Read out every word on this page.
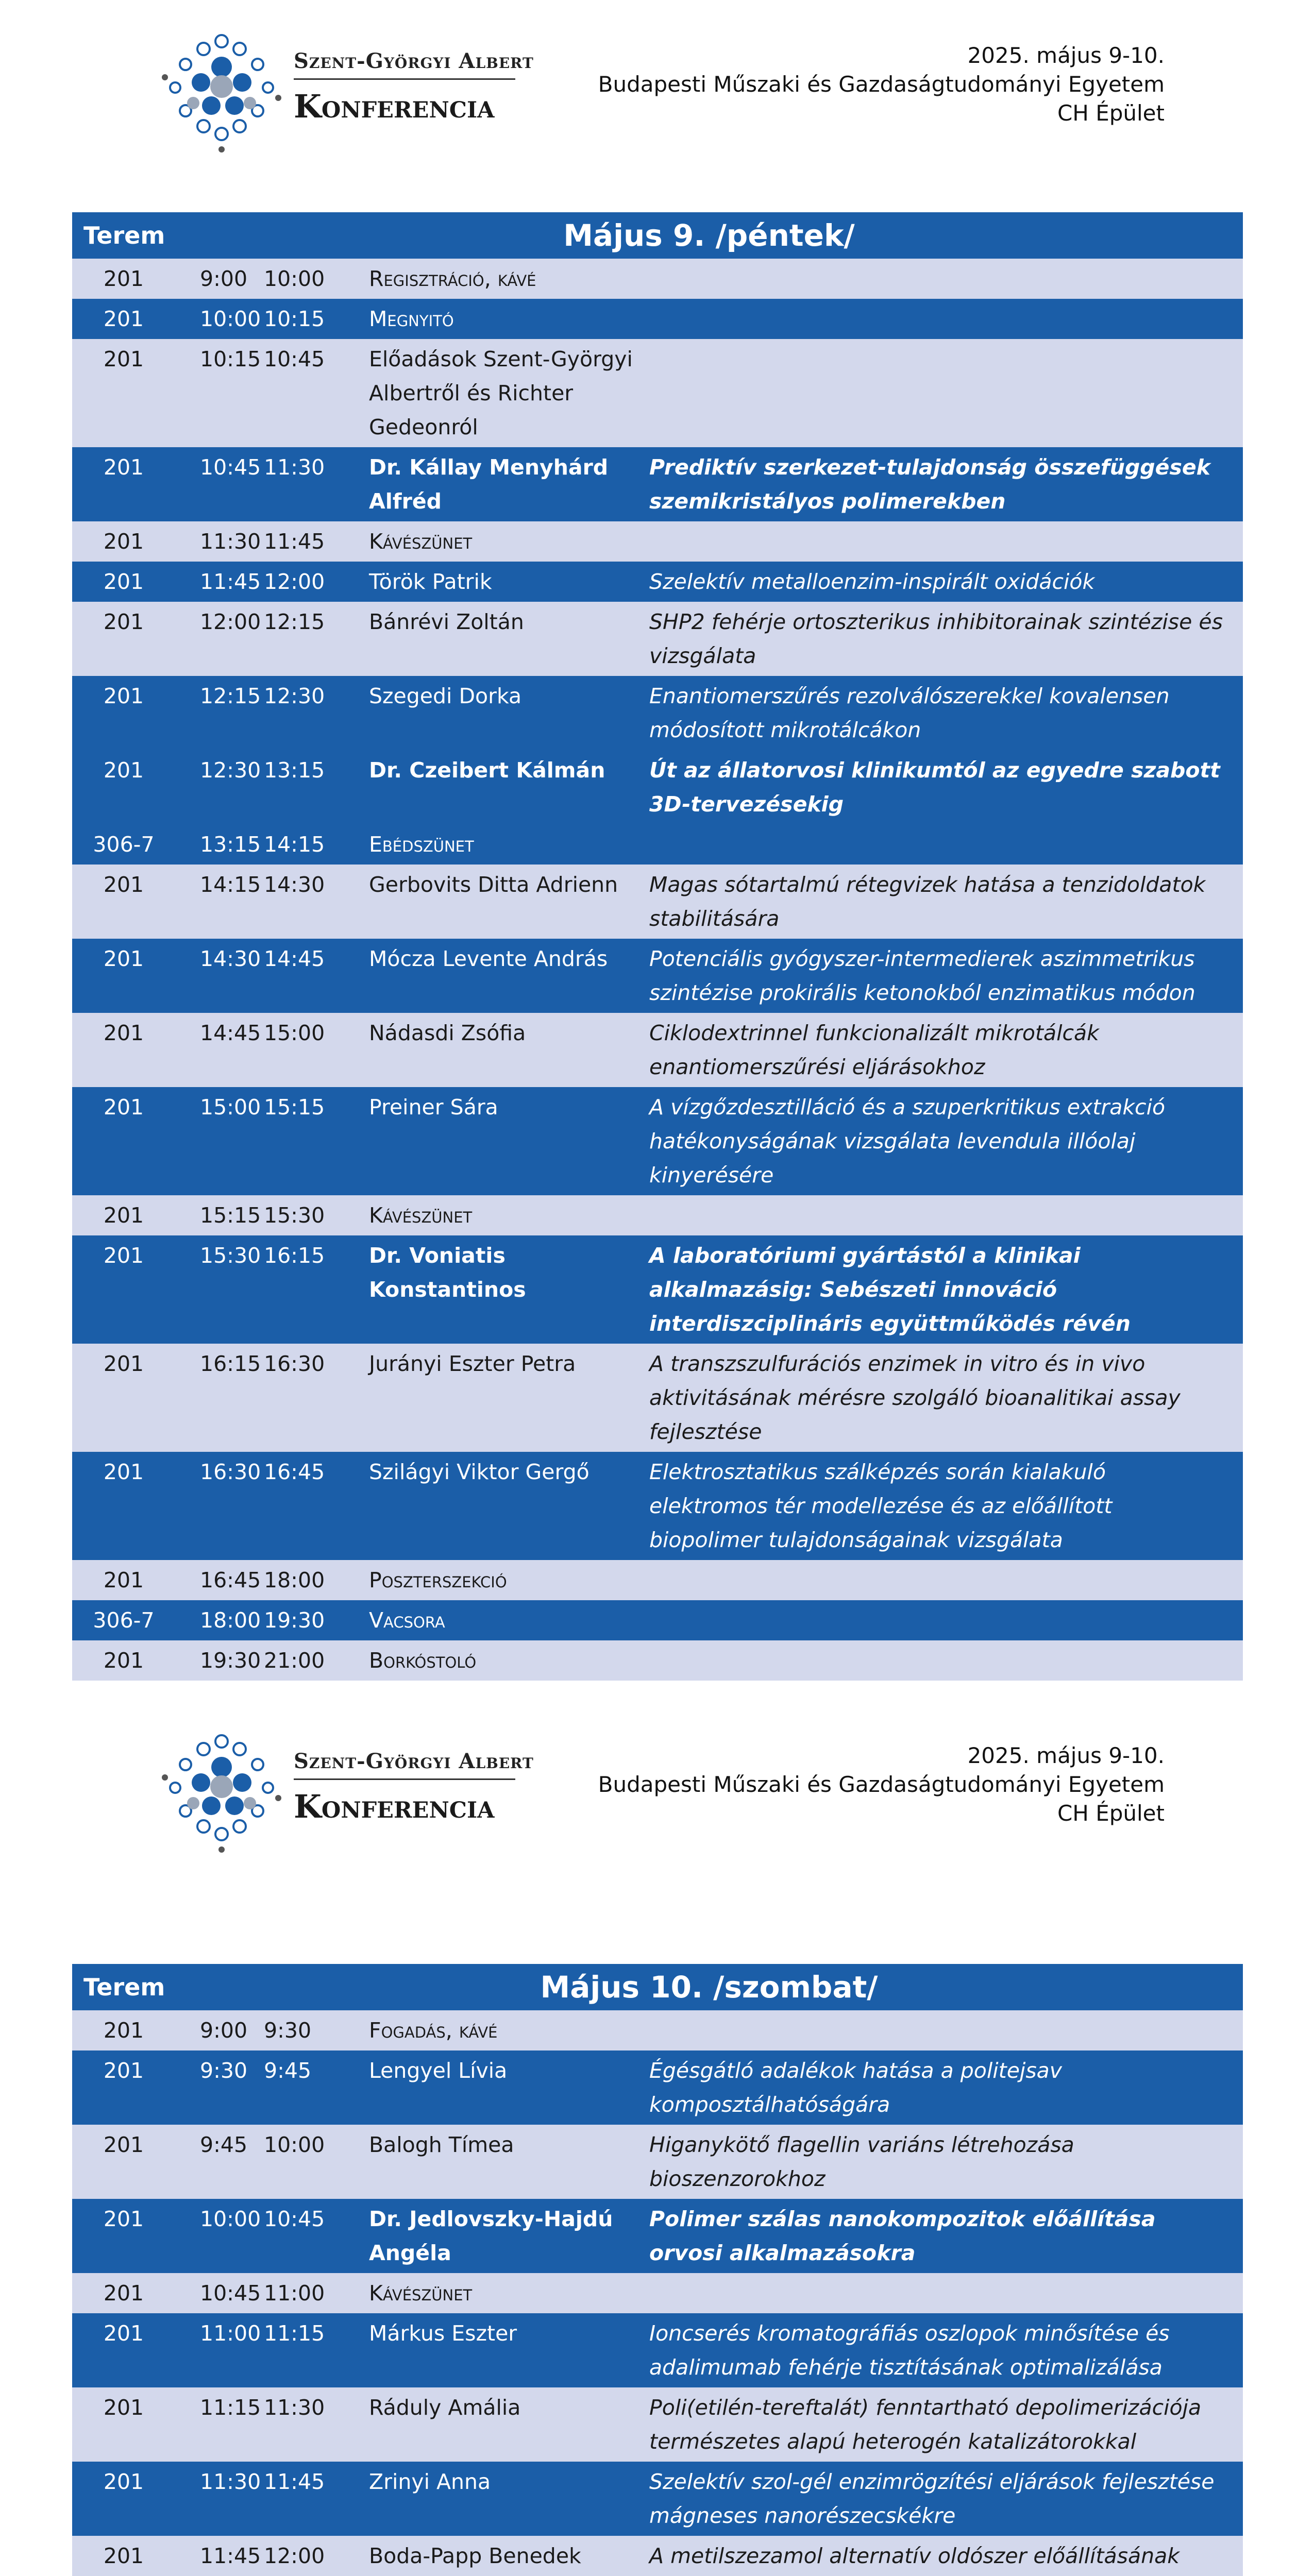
Szent-Györgyi Albert
Konferencia
2025. május 9-10.
Budapesti Műszaki és Gazdaságtudományi Egyetem
CH Épület
Terem	Május 9. /péntek/			
201	9:00	10:00	Regisztráció, kávé	
201	10:00	10:15	Megnyitó	
201	10:15	10:45	Előadások Szent-Györgyi Albertről és Richter Gedeonról	
201	10:45	11:30	Dr. Kállay Menyhárd Alfréd	Prediktív szerkezet-tulajdonság összefüggések szemikristályos polimerekben
201	11:30	11:45	Kávészünet	
201	11:45	12:00	Török Patrik	Szelektív metalloenzim-inspirált oxidációk
201	12:00	12:15	Bánrévi Zoltán	SHP2 fehérje ortoszterikus inhibitorainak szintézise és vizsgálata
201	12:15	12:30	Szegedi Dorka	Enantiomerszűrés rezolválószerekkel kovalensen módosított mikrotálcákon
201	12:30	13:15	Dr. Czeibert Kálmán	Út az állatorvosi klinikumtól az egyedre szabott 3D-tervezésekig
306-7	13:15	14:15	Ebédszünet	
201	14:15	14:30	Gerbovits Ditta Adrienn	Magas sótartalmú rétegvizek hatása a tenzidoldatok stabilitására
201	14:30	14:45	Mócza Levente András	Potenciális gyógyszer-intermedierek aszimmetrikus szintézise prokirális ketonokból enzimatikus módon
201	14:45	15:00	Nádasdi Zsófia	Ciklodextrinnel funkcionalizált mikrotálcák enantiomerszűrési eljárásokhoz
201	15:00	15:15	Preiner Sára	A vízgőzdesztilláció és a szuperkritikus extrakció hatékonyságának vizsgálata levendula illóolaj kinyerésére
201	15:15	15:30	Kávészünet	
201	15:30	16:15	Dr. Voniatis Konstantinos	A laboratóriumi gyártástól a klinikai alkalmazásig: Sebészeti innováció interdiszciplináris együttműködés révén
201	16:15	16:30	Jurányi Eszter Petra	A transzszulfurációs enzimek in vitro és in vivo aktivitásának mérésre szolgáló bioanalitikai assay fejlesztése
201	16:30	16:45	Szilágyi Viktor Gergő	Elektrosztatikus szálképzés során kialakuló elektromos tér modellezése és az előállított biopolimer tulajdonságainak vizsgálata
201	16:45	18:00	Poszterszekció	
306-7	18:00	19:30	Vacsora	
201	19:30	21:00	Borkóstoló	
Szent-Györgyi Albert
Konferencia
2025. május 9-10.
Budapesti Műszaki és Gazdaságtudományi Egyetem
CH Épület
Terem	Május 10. /szombat/			
201	9:00	9:30	Fogadás, kávé	
201	9:30	9:45	Lengyel Lívia	Égésgátló adalékok hatása a politejsav komposztálhatóságára
201	9:45	10:00	Balogh Tímea	Higanykötő flagellin variáns létrehozása bioszenzorokhoz
201	10:00	10:45	Dr. Jedlovszky-Hajdú Angéla	Polimer szálas nanokompozitok előállítása orvosi alkalmazásokra
201	10:45	11:00	Kávészünet	
201	11:00	11:15	Márkus Eszter	Ioncserés kromatográfiás oszlopok minősítése és adalimumab fehérje tisztításának optimalizálása
201	11:15	11:30	Ráduly Amália	Poli(etilén-tereftalát) fenntartható depolimerizációja természetes alapú heterogén katalizátorokkal
201	11:30	11:45	Zrinyi Anna	Szelektív szol-gél enzimrögzítési eljárások fejlesztése mágneses nanorészecskékre
201	11:45	12:00	Boda-Papp Benedek	A metilszezamol alternatív oldószer előállításának
